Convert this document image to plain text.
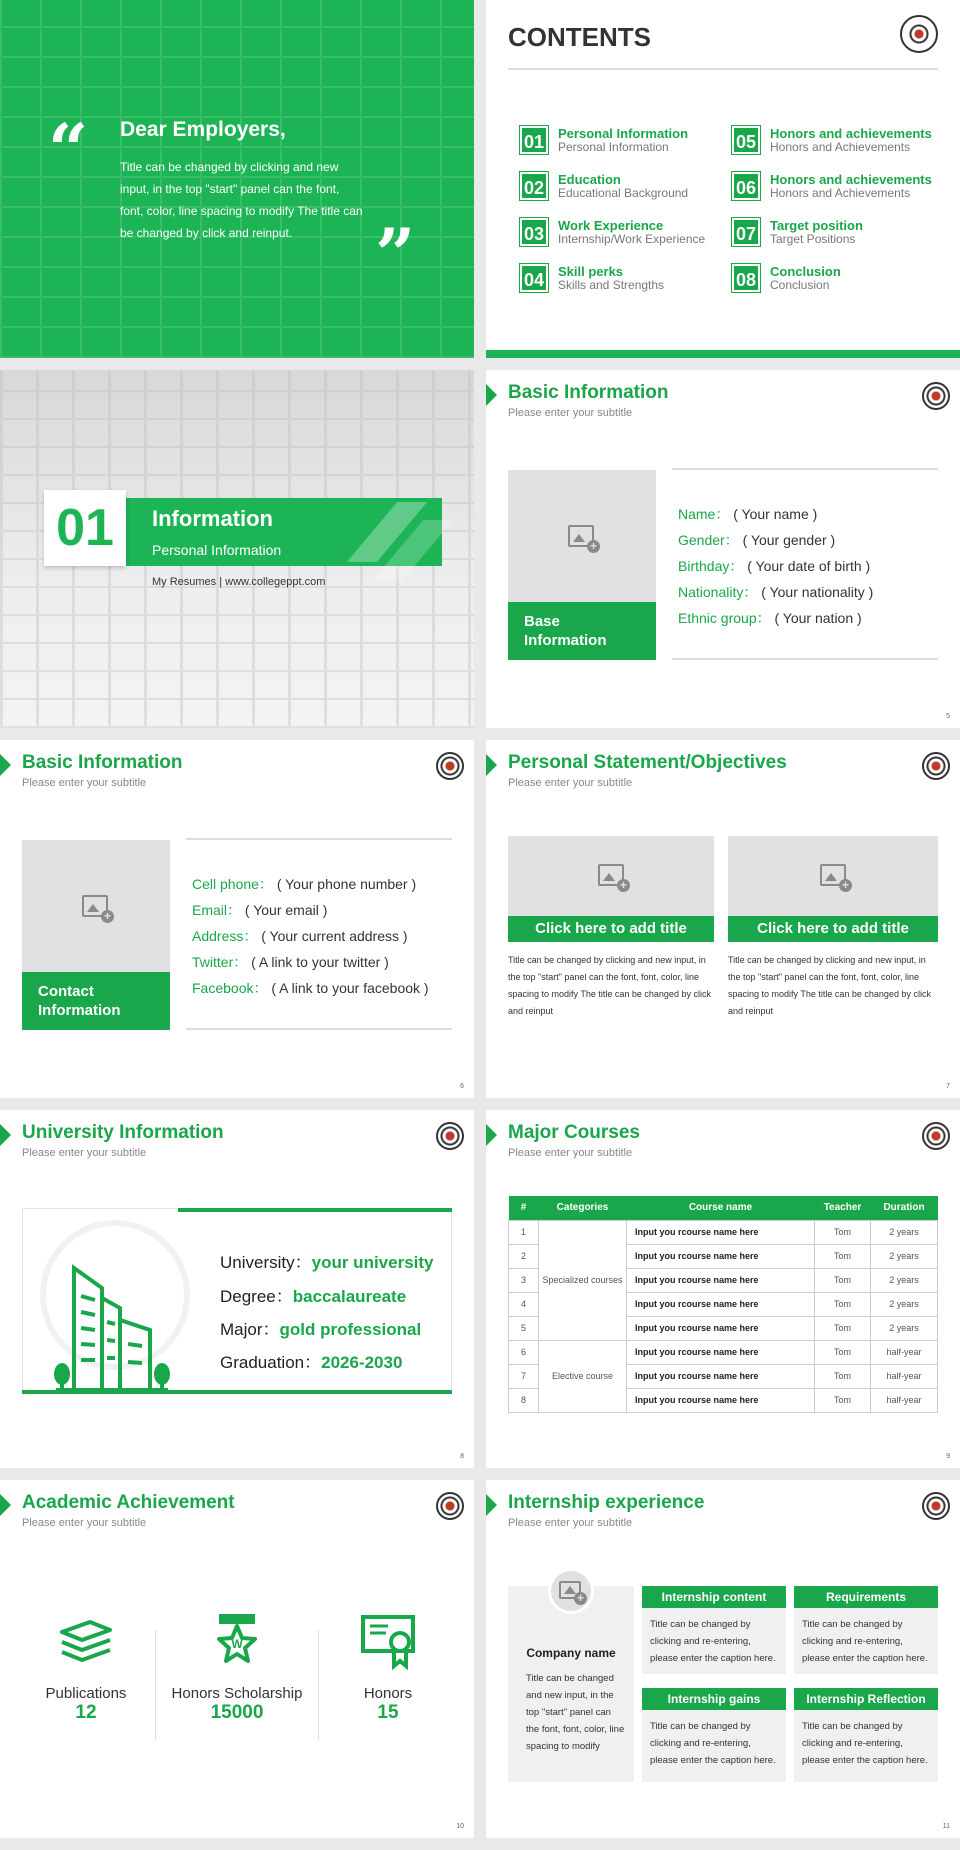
“ Dear Employers,
Title can be changed by clicking and new input, in the top "start" panel can the font, font, color, line spacing to modify The title can be changed by click and reinput.	”
CONTENTS
01	Personal Information
Personal Information
02	Education
Educational Background
03	Work Experience
Internship/Work Experience
04	Skill perks
Skills and Strengths
05	Honors and achievements
Honors and Achievements
06	Honors and achievements
Honors and Achievements
07	Target position
Target Positions
08	Conclusion
Conclusion
01	Information
Personal Information
My Resumes | www.collegeppt.com
Basic Information
Please enter your subtitle
+
Base Information
Name： ( Your name )
Gender： ( Your gender )
Birthday： ( Your date of birth )
Nationality： ( Your nationality )
Ethnic group： ( Your nation )
5
Basic Information
Please enter your subtitle
+
Contact Information
Cell phone： ( Your phone number )
Email： ( Your email )
Address： ( Your current address )
Twitter： ( A link to your twitter )
Facebook： ( A link to your facebook )
6
Personal Statement/Objectives
Please enter your subtitle
+
Click here to add title
Title can be changed by clicking and new input, in the top "start" panel can the font, font, color, line spacing to modify The title can be changed by click and reinput
+
Click here to add title
Title can be changed by clicking and new input, in the top "start" panel can the font, font, color, line spacing to modify The title can be changed by click and reinput
7
University Information
Please enter your subtitle
University：your university
Degree：baccalaureate
Major：gold professional
Graduation：2026-2030
8
Major Courses
Please enter your subtitle
#	Categories	Course name	Teacher	Duration
1	Specialized courses	Input you rcourse name here	Tom	2 years
2		Input you rcourse name here	Tom	2 years
3		Input you rcourse name here	Tom	2 years
4		Input you rcourse name here	Tom	2 years
5		Input you rcourse name here	Tom	2 years
6	Elective course	Input you rcourse name here	Tom	half-year
7		Input you rcourse name here	Tom	half-year
8		Input you rcourse name here	Tom	half-year
9
Academic Achievement
Please enter your subtitle
Publications
12
W
Honors Scholarship
15000
Honors
15
10
Internship experience
Please enter your subtitle
+
Company name
Title can be changed and new input, in the top "start" panel can the font, font, color, line spacing to modify
Internship content
Title can be changed by clicking and re-entering, please enter the caption here.
Requirements
Title can be changed by clicking and re-entering, please enter the caption here.
Internship gains
Title can be changed by clicking and re-entering, please enter the caption here.
Internship Reflection
Title can be changed by clicking and re-entering, please enter the caption here.
11
